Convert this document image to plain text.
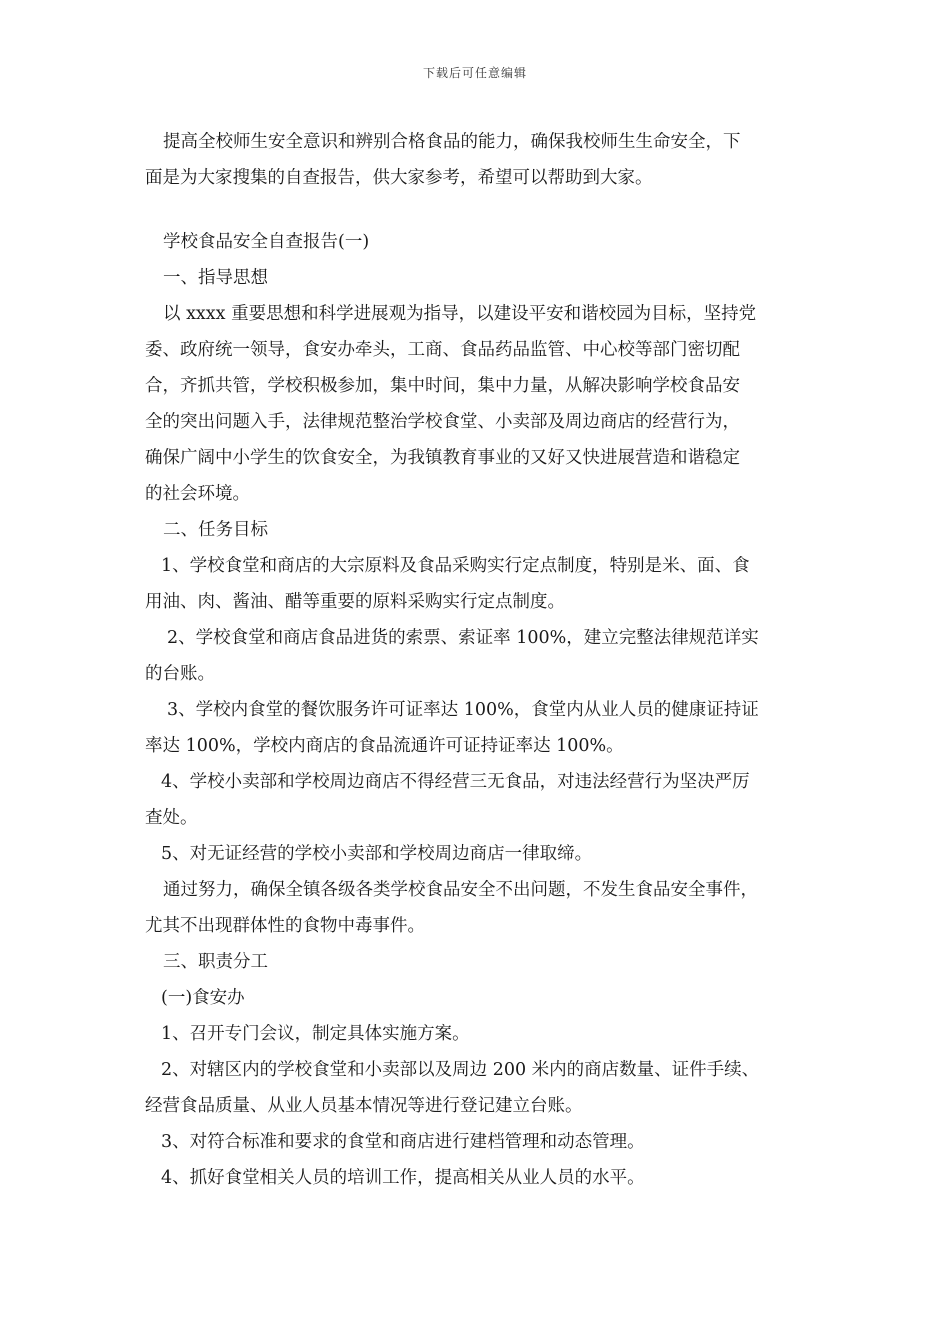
下载后可任意编辑
提高全校师生安全意识和辨别合格食品的能力，确保我校师生生命安全，下
面是为大家搜集的自查报告，供大家参考，希望可以帮助到大家。
学校食品安全自查报告(一)
一、指导思想
以 xxxx 重要思想和科学进展观为指导，以建设平安和谐校园为目标，坚持党
委、政府统一领导，食安办牵头，工商、食品药品监管、中心校等部门密切配
合，齐抓共管，学校积极参加，集中时间，集中力量，从解决影响学校食品安
全的突出问题入手，法律规范整治学校食堂、小卖部及周边商店的经营行为，
确保广阔中小学生的饮食安全，为我镇教育事业的又好又快进展营造和谐稳定
的社会环境。
二、任务目标
1、学校食堂和商店的大宗原料及食品采购实行定点制度，特别是米、面、食
用油、肉、酱油、醋等重要的原料采购实行定点制度。
2、学校食堂和商店食品进货的索票、索证率 100%，建立完整法律规范详实
的台账。
3、学校内食堂的餐饮服务许可证率达 100%，食堂内从业人员的健康证持证
率达 100%，学校内商店的食品流通许可证持证率达 100%。
4、学校小卖部和学校周边商店不得经营三无食品，对违法经营行为坚决严厉
查处。
5、对无证经营的学校小卖部和学校周边商店一律取缔。
通过努力，确保全镇各级各类学校食品安全不出问题，不发生食品安全事件，
尤其不出现群体性的食物中毒事件。
三、职责分工
(一)食安办
1、召开专门会议，制定具体实施方案。
2、对辖区内的学校食堂和小卖部以及周边 200 米内的商店数量、证件手续、
经营食品质量、从业人员基本情况等进行登记建立台账。
3、对符合标准和要求的食堂和商店进行建档管理和动态管理。
4、抓好食堂相关人员的培训工作，提高相关从业人员的水平。
